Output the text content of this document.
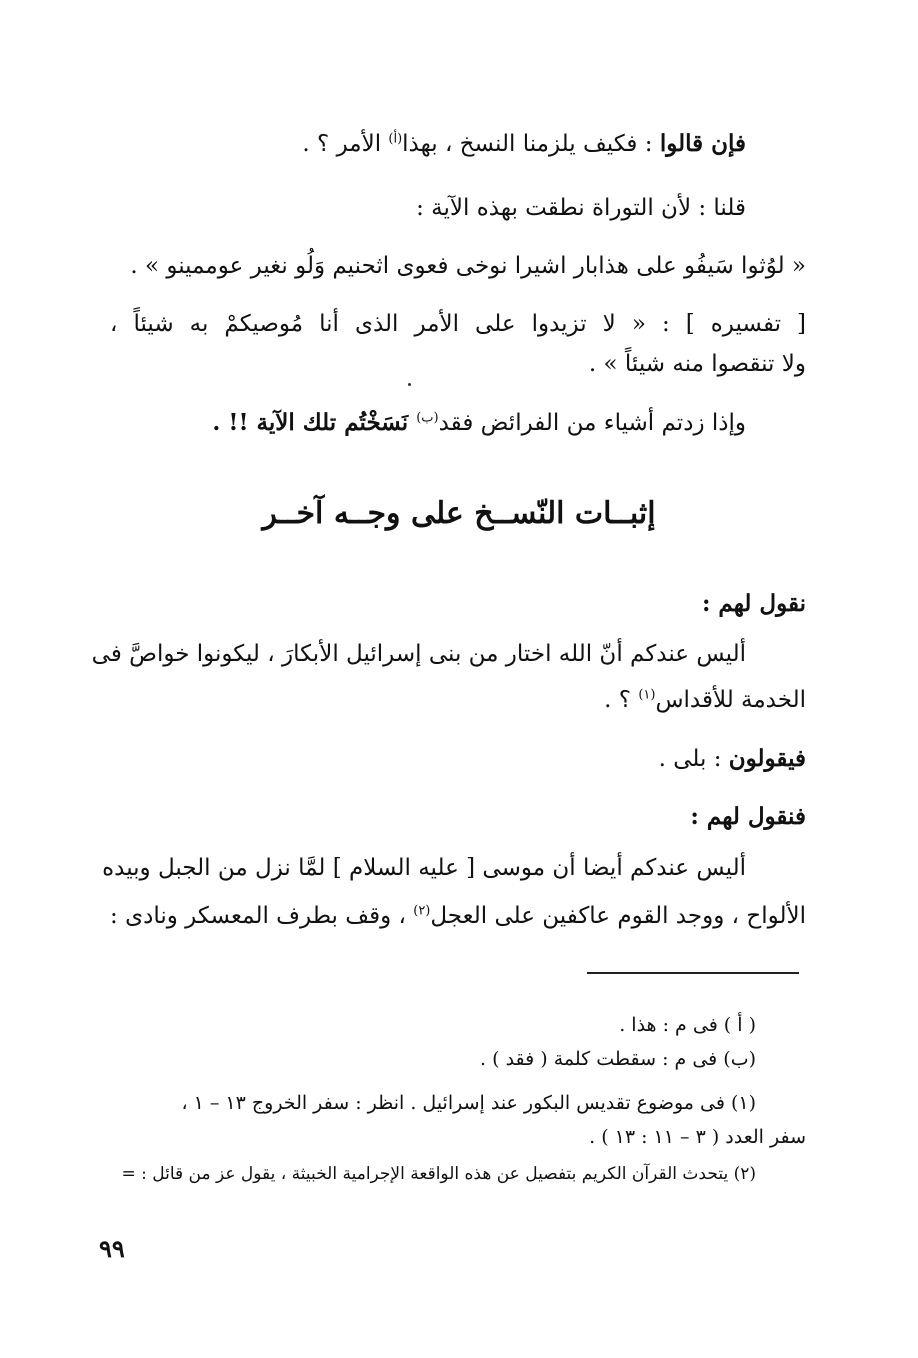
فإن قالوا : فكيف يلزمنا النسخ ، بهذا$^{(أ)}$ الأمر ؟ .
قلنا : لأن التوراة نطقت بهذه الآية :
« لوُثوا سَيفُو على هذابار اشيرا نوخى فعوى اثحنيم وَلُو نغير عوممينو » .
[ تفسيره ] : « لا تزيدوا على الأمر الذى أنا مُوصيكمْ به شيئاً ،
ولا تنقصوا منه شيئاً » .
وإذا زدتم أشياء من الفرائض فقد$^{(ب)}$ نَسَخْتُم تلك الآية !! .
إثبــات النّســخ على وجــه آخــر
نقول لهم :
أليس عندكم أنّ الله اختار من بنى إسرائيل الأبكارَ ، ليكونوا خواصَّ فى
الخدمة للأقداس$^{(١)}$ ؟ .
فيقولون : بلى .
فنقول لهم :
أليس عندكم أيضا أن موسى [ عليه السلام ] لمَّا نزل من الجبل وبيده
الألواح ، ووجد القوم عاكفين على العجل$^{(٢)}$ ، وقف بطرف المعسكر ونادى :
( أ ) فى م : هذا .
(ب) فى م : سقطت كلمة ( فقد ) .
(١) فى موضوع تقديس البكور عند إسرائيل . انظر : سفر الخروج ١٣ – ١ ،
سفر العدد ( ٣ – ١١ : ١٣ ) .
(٢) يتحدث القرآن الكريم بتفصيل عن هذه الواقعة الإجرامية الخبيثة ، يقول عز من قائل : =
٩٩
